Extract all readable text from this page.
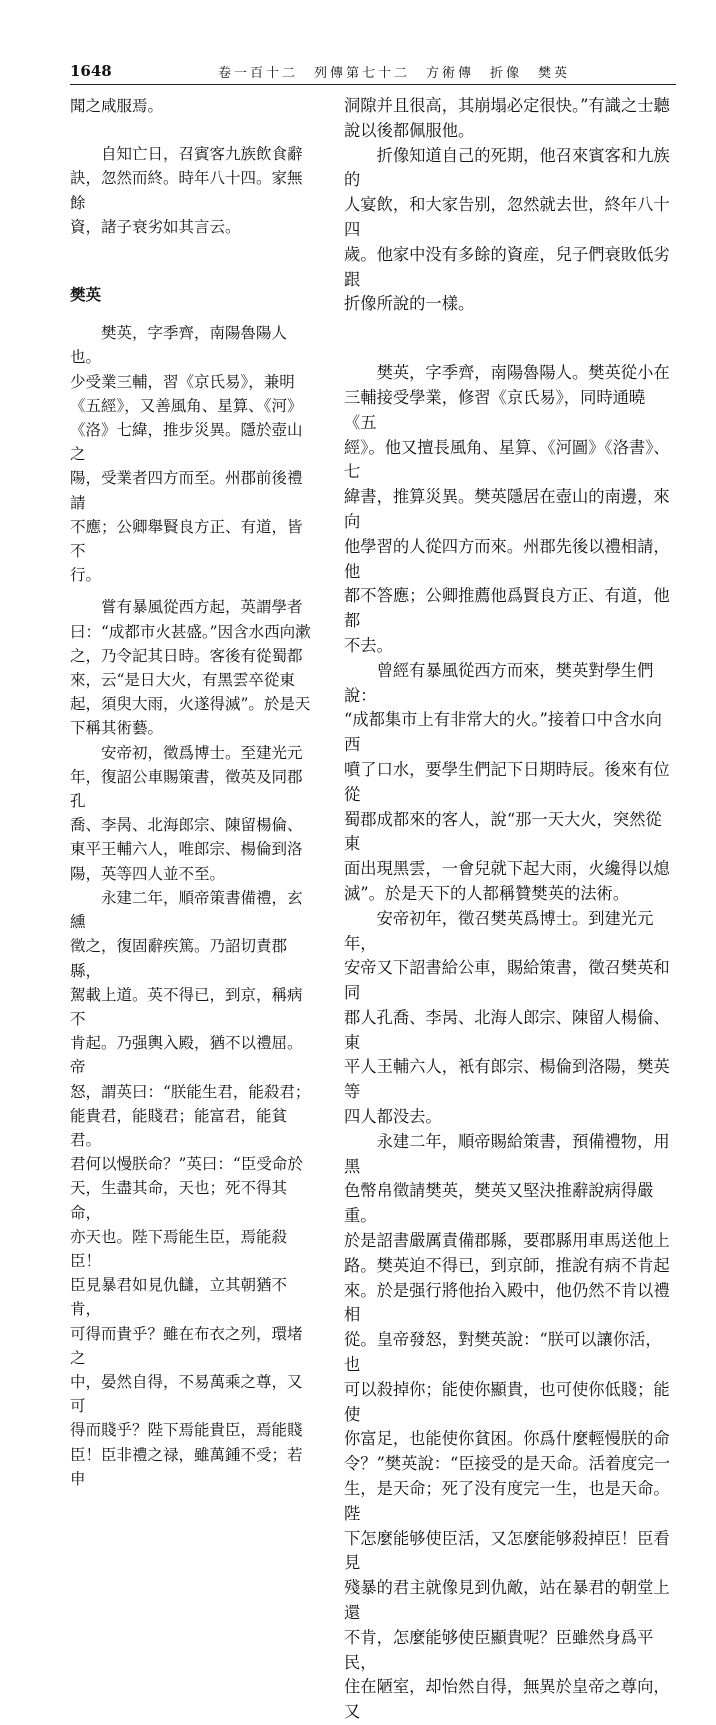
1648	卷一百十二　列傳第七十二　方術傳　折像　樊英

聞之咸服焉。

　　自知亡日，召賓客九族飲食辭
訣，忽然而終。時年八十四。家無餘
資，諸子衰劣如其言云。

樊英

　　樊英，字季齊，南陽魯陽人也。
少受業三輔，習《京氏易》，兼明
《五經》，又善風角、星算、《河》
《洛》七緯，推步災異。隱於壺山之
陽，受業者四方而至。州郡前後禮請
不應；公卿舉賢良方正、有道，皆不
行。

　　嘗有暴風從西方起，英謂學者
曰：“成都市火甚盛。”因含水西向漱
之，乃令記其日時。客後有從蜀都
來，云“是日大火，有黑雲卒從東
起，須臾大雨，火遂得滅”。於是天
下稱其術藝。

　　安帝初，徵爲博士。至建光元
年，復詔公車賜策書，徵英及同郡孔
喬、李昺、北海郎宗、陳留楊倫、
東平王輔六人，唯郎宗、楊倫到洛
陽，英等四人並不至。

　　永建二年，順帝策書備禮，玄纁
徵之，復固辭疾篤。乃詔切責郡縣，
駕載上道。英不得已，到京，稱病不
肯起。乃强輿入殿，猶不以禮屈。帝
怒，謂英曰：“朕能生君，能殺君；
能貴君，能賤君；能富君，能貧君。
君何以慢朕命？”英曰：“臣受命於
天，生盡其命，天也；死不得其命，
亦天也。陛下焉能生臣，焉能殺臣！
臣見暴君如見仇讎，立其朝猶不肯，
可得而貴乎？雖在布衣之列，環堵之
中，晏然自得，不易萬乘之尊，又可
得而賤乎？陛下焉能貴臣，焉能賤
臣！臣非禮之禄，雖萬鍾不受；若申

洞隙并且很高，其崩塌必定很快。”有識之士聽
說以後都佩服他。

　　折像知道自己的死期，他召來賓客和九族的
人宴飲，和大家告别，忽然就去世，終年八十四
歲。他家中没有多餘的資産，兒子們衰敗低劣跟
折像所說的一樣。

　　樊英，字季齊，南陽魯陽人。樊英從小在
三輔接受學業，修習《京氏易》，同時通曉《五
經》。他又擅長風角、星算、《河圖》《洛書》、七
緯書，推算災異。樊英隱居在壺山的南邊，來向
他學習的人從四方而來。州郡先後以禮相請，他
都不答應；公卿推薦他爲賢良方正、有道，他都
不去。

　　曾經有暴風從西方而來，樊英對學生們說：
“成都集市上有非常大的火。”接着口中含水向西
噴了口水，要學生們記下日期時辰。後來有位從
蜀郡成都來的客人，說“那一天大火，突然從東
面出現黑雲，一會兒就下起大雨，火纔得以熄
滅”。於是天下的人都稱贊樊英的法術。

　　安帝初年，徵召樊英爲博士。到建光元年，
安帝又下詔書給公車，賜給策書，徵召樊英和同
郡人孔喬、李昺、北海人郎宗、陳留人楊倫、東
平人王輔六人，衹有郎宗、楊倫到洛陽，樊英等
四人都没去。

　　永建二年，順帝賜給策書，預備禮物，用黑
色幣帛徵請樊英，樊英又堅決推辭說病得嚴重。
於是詔書嚴厲責備郡縣，要郡縣用車馬送他上
路。樊英迫不得已，到京師，推說有病不肯起
來。於是强行將他抬入殿中，他仍然不肯以禮相
從。皇帝發怒，對樊英說：“朕可以讓你活，也
可以殺掉你；能使你顯貴，也可使你低賤；能使
你富足，也能使你貧困。你爲什麼輕慢朕的命
令？”樊英說：“臣接受的是天命。活着度完一
生，是天命；死了没有度完一生，也是天命。陛
下怎麼能够使臣活，又怎麼能够殺掉臣！臣看見
殘暴的君主就像見到仇敵，站在暴君的朝堂上還
不肯，怎麼能够使臣顯貴呢？臣雖然身爲平民，
住在陋室，却怡然自得，無異於皇帝之尊向，又
